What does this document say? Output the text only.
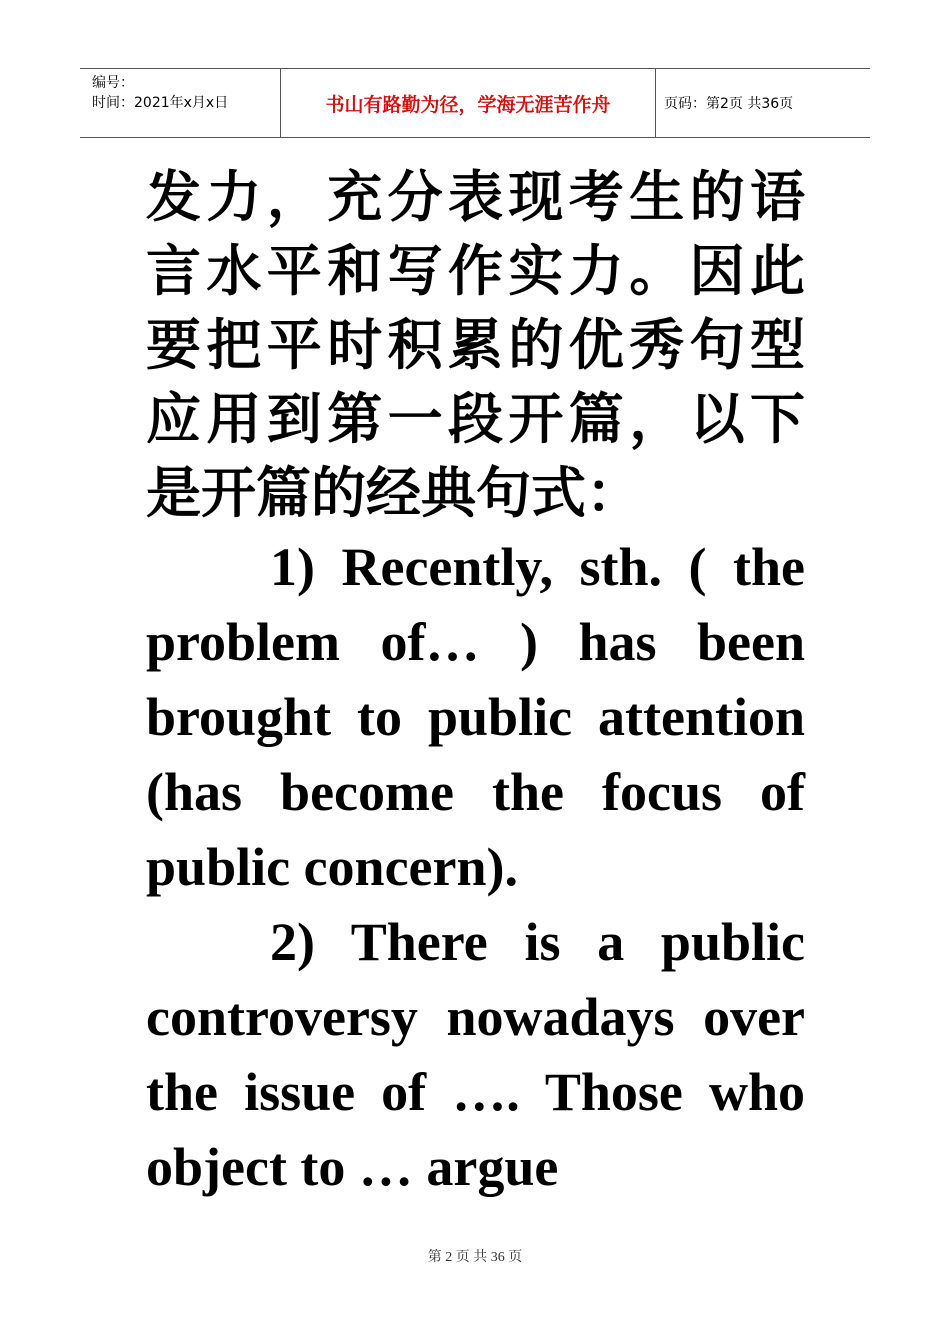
编号：
时间：2021年x月x日	书山有路勤为径，学海无涯苦作舟	页码：第2页 共36页

发力，充分表现考生的语言水平和写作实力。因此要把平时积累的优秀句型应用到第一段开篇，以下是开篇的经典句式：

1) Recently, sth. ( the problem of… ) has been brought to public attention (has become the focus of public concern).

2) There is a public controversy nowadays over the issue of …. Those who object to … argue

第 2 页 共 36 页
